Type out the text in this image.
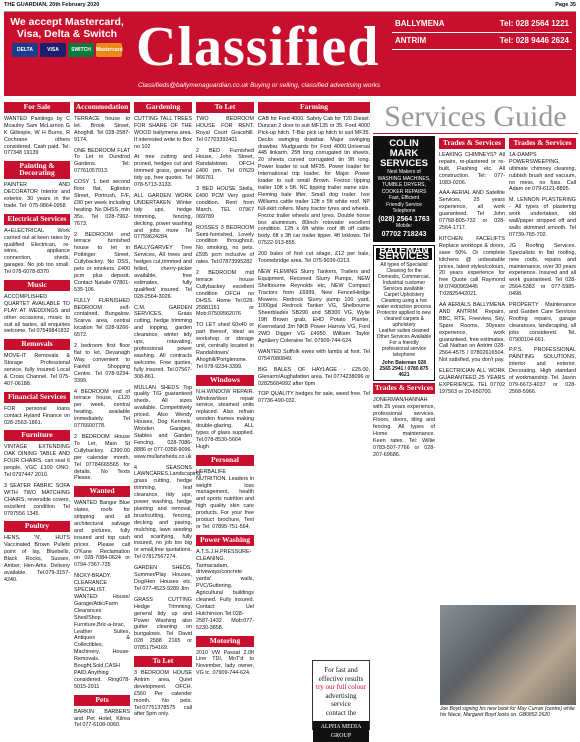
THE GUARDIAN, 20th February 2020	Page 35
We accept Mastercard, Visa, Delta & Switch
DELTA	VISA	SWITCH	Mastercard Classified
Classifieds@ballymenaguardian.co.uk Buying or selling, classified advertising works
BALLYMENA	Tel: 028 2564 1221
ANTRIM	Tel: 028 9446 2624
For Sale
WANTED Paintings by C Mcauley Sam McLarnon G K Gillespie, W H Burns, R Cochrane others considered. Cash paid. Tel: 077348 19139
Painting & Decorating
PAINTER AND DECORATOR Interior and exterior. 30 years in the trade. Tel: 075-9864-0958
Electrical Services
A+ELECTRICAL Work carried out at keen rates by qualified Electrican, re-wires, appliance connection, sheds, garages. No job too small. Tel 078-6078-8370
Music
ACCOMPLISHED QUARTET AVAILABLE TO PLAY AT WEDDINGS and other occasions, music to suit all tastes, all enquiries welcome. Tel 07549841832
Removals
MOVE-IT Removals & Storage Professional service, fully insured Local & Cross Channel. Tel 075-407-06188.
Financial Services
FOR personal loans contact Hyland Finance on 028-2563-1861.
Furniture
VINTAGE EXTENDING OAK DINING TABLE AND FOUR CHAIRS. can seat 6 people, VGC £100 ONO. Tel 0797447 2010.
3 SEATER FABRIC SOFA WITH TWO MATCHING CHAIRS, reversible covers, excellent condition Tel 0797556 1345.
Poultry
HENS, 'N', HUTS Vaccinated Brown Pullets point of lay, Bluebells, Black Rocks, Sussex, Amber, Hen-Arks. Delivery available. Tel.079-3157-4240.
Accommodation
TERRACE house to let. Brook Street, Ahoghill. Tel 028-2587-9174.
ONE BEDROOM FLAT To Let in Dundrod Gardens. Tel: 07761057013.
COSY 1 bed second floor flat, Eglinton Street, Portrush, F/F, £90 per week including heating. No DHSS, min 35s. Tel 028-7962-7673.
2 BEDROOM end terrace furnished house to let in Pottinger Street, Cullybackey. No DSS, pets or smokers. £400 pcm plus deposit. Contact Natalie 07801-535-106.
FULLY FURNISHED BEDROOM self-contained, Bungalow, Scarva area, central location Tel 028-9266-6572.
2 bedroom first floor flat to let, Devanagh Way, convenient to Fairhill Shopping Centre. Tel 078-9234-3399.
4 BEDROOM end of terrace house, £120 per week, central heating, available immediately. Tel 0776600778.
2 BEDROOM House To Let, Main St Cullybackey. £390.00 per calendar month, Tel 07784665565 for details. No Texts Please.
Wanted
WANTED Bangor Blue slates, roofs for stripping and all architectural salvage and pictures, fully insured and top cash prices. Please call O'Kane Reclamation on 028-7084-0624 or 0794-7367-735
NICKY-BRADY. CLEARANCE SPECIALIST. WANTED: House/ Garage/Attic/Farm Clearances Shed/Shop. Furniture,Bric-a-brac, Leather Suites, Antiques & Collectibles, Machinery, House-Removals. Bought,Sold,CASH PAID.Anything considered. Ring078-5015-2911
Pets
BARKIN BARBERS and Pet Hotel, Kilrea Tel 077-6108-0060.
Gardening
CUTTING TALL TREES FOR SHARE OF THE WOOD ballymena area. If interested write to Box no 102
At tree cutting and pruned, hedges cut and trimmed grass, general tidy up, free quotes. Tel 078-5713-3133.
ALL GARDEN WORK UNDERTAKEN Winter tidy ups, hedge trimming, fencing, decking, power washing and jobs more Tel 07759624284.
BALLYGARVEY Tree Services, All trees and hedges cut,trimmed and felled, cherry-picker available, free estimates, fully qualified/ insured. Tel 028-2564-3026.
C.M. GARDEN SERVICES. Grass cutting, hedge trimming and lopping, garden clearance, winter tidy ups, rotavating, professional power washing. All contracts welcome. Free quotes, fully insured. Tel.07567-308-861.
MULLAN SHEDS Top quality T/G guaranteed sheds. All sizes available. Competitively priced. Also Wendy Houses, Dog Kennels, Wooden Garages, Stables and Garden Fencing. 028-7086-8886 or 077-0358-9096. www.mullansheds.co.uk
4 SEASONS LAWNCARES.Landscaping, grass cutting, hedge trimming, leaf clearance, tidy ups, power washing, hedge planting and removal, brushcutting, fencing, decking and paving, mulching, lawn seeding and scarifying, fully insured, no job too big or small,free quotations. Tel 07817567274.
GARDEN SHEDS, Summer/Play Houses, Dog/Hen Houses etc. Tel 077-4523-9289 Jim
GRASS CUTTING Hedge Trimming, general tidy up and Power Washing also gutter cleaning on bungalows. Tel David 028 2588 2165 or 07851754169.
To Let
3 BEDROOM HOUSE Antrim area, Quiet development. OFCH. £560 Per calender month. No pets. Tel:07751378575 call after 5pm only.
To Let
TWO BEDROOM HOUSE FOR RENT. Royal Court Gracehill. Tel 07703392401
2 BED Furnished House, John Street, Randalstown. OFCH £400 pm. Tel 07629 966761
3 BED HOUSE Stella, £490 PCM Very good condition. Rent from March. TEL 07967 069789
ROSSES 3 BEDROOM Semi-furnished, Lovely condition throughout, No smoking, no pets. £595 pcm inclusive of rates. Tel:07873995282
2 BEDROOM mid terrace house Cullybackey excellent condition OFCH no DHSS. Home Tel:028-25881161 or Mob:0750956207​6
TO LET shed 60x40 or part thereof, ideal as workshop or storage unit, centrally located in Randalstown/ Ahoghill/Portglenone. Tel 078-9234-3399.
Windows
N.H.WINDOW REPAIR. Window/door repair service, steamed units replaced. Also refrain wooden frames making double-glazing. ALL types of glass supplied. Tel.078-8530-5664 Hugh
Personal
HERBALIFE NUTRITION. Leaders in weight loss management, health and sports nutrition and high quality skin care products. For your free product brochure, Text or Tel: 07895-751-564.
Power Washing
A.T.S.J.H.PRESSURE-CLEANING. Tarmacadam, driveways/concrete yards/ walls, PVC/Guttering. Agricultural buildings cleaned. Fully insured. Contact Uel Hutchinson.Tel:028-2587-1432 Mob:077-5230-3858.
Motoring
2010 VW Passat 2.0ft Line TDI, MoT'd to November, lady owner, VG tc. 07909-744-624.
Farming
CAB for Ford 4000. Safety Cab for T20 Diesel. Duncan 2 door to suit MF135 or 35. Ford 4000 Pick-up hitch. T-Bar pick up hitch to suit MF35. Decks swinging drawbar. Major swinging drawbar. Mudguards for Ford 4000.Universal 445 linkarm. 25ft long corrugated tin sheets, 20 sheets curved corrugated tin 9ft long. Power loader to suit MF35. Power loader for International trip loader. for Major. Power loader to suit small Brown. Frezoz tipping trailer 10ft x 5ft. NC tipping trailer same size. Fleming bale lifter. Small dog trailer. Ivor Williams cattle trailer 12ft x 5ft white roof. NP full-skirt rollers. Many tractor tyres and wheels. Frezoz trailer wheels and tyres. Double horse box aluminium. 80inch rotovator excellent condition. 12ft x 6ft white roof lift off cattle body. 6ft x 3ft car trailer tipper. 4ft Inklows. Tel 07522-913-855.
200 bales of first cut silage, £12 per bale, Toomebridge area. Tel 075-9039-0213.
NEW FLEMING Slurry Tankers, Trailers and Equipment, Reconed Slurry Pumps, NEW Shelbourne Reynolds etc, NEW Compact Tractors from £6999, New Fence/Hedge Mowers. Redrock Slurry pump 100 yard, 1000gal Redrock Tanker VG, Shelbourne Sheerblades SB290 and SB300 VG, Wylie 19ft Brown grab, EHD Potato Planter, Kverneland 3m NKB Power Harrow VG, Ford 2WD Digger VG £4950. William Taylor Agri&ery Coleraine Tel. 07909-744-624.
WANTED Suffolk ewes with lambs at foot. Tel 07547080849.
BIG BALES OF HAYLAGE - £25.00, Glenarm/Aughafatten area. Tel 0774238096 or 02825684992 after 6pm
TOP QUALITY hedges for sale, weed free. Tel 07736-490-032.
For fast and
effective results
try our full colour
advertising
service
contact the
ALPHA MEDIA GROUP
Services Guide
COLIN MARK SERVICES
Nest Makers of
WASHING MACHINES,
TUMBLE DRYERS,
COOKER REPAIRS
Fast, Efficient
Friendly Service
Telephone
(028) 2564 1763
Mobile:
07702 718243
BATEMAN SERVICES
All types of Specialist Cleaning for the Domestic, Commercial, Industrial customer
Services available:
Carpet Upholstery
Cleaning using a hot water extraction process
Protector applied to new cleaned carpets & upholstery
Leather suites cleaned
Other Services Available
For a friendly professional service telephone
John Bateman 028 2565 2941 / 0780 875 4621
Trades & Services
JONERMAN/HANNAH with 25 years experience, professional services. Floors, doors, tiling and fencing. All types of Home maintenance. Keen rates. Tel: Willie 0783-507-7766 or 028-207-69686.
Trades & Services
LEAKING CHIMNEYS? All repairs, re-plastered or re-built, Flashing etc. All construction. Tel: 077-1083-0206.
AAA-AERIAL AND Satellite Services, 25 years experience, all work guaranteed. Tel John 07768-805-732 or 028-2564-1717.
KITCHEN FACELIFTS Replace worktops & doors, save 50%. Or complete kitchens @ unbeatable prices, latest styles/colours, 20 years experience for free Quote call Raymond M:07490969445 or T:02825442021.
AA AERIALS BALLYMENA AND ANTRIM. Repairs, BBC, RTE, Freeview, Sky, Spare Rooms, 30years experience, work guaranteed, free estimates. Call Nathan on Antrim 028-2564-4575 / 07802616504. Not satisfied, you don't pay.
ELECTRICIAN ALL WORK GUARANTEED 25 YEARS EXPERIENCE. TEL 07702 197563 or 20-650700.
Trades & Services
1A-DAMPS POWERSWEEPING, ultimate chimney cleaning, rubbish brush and vacuum, no mess, no fuss. Call Adam on 079-6121-8895.
M. LENNON PLASTERING - All types of plastering work undertaken, old wall/paper stripped off and walls skimmed smooth. Tel 07739-765-702.
JG Roofing Services. Specialists in flat roofing, new roofs, repairs and maintenance, over 30 years experience. Insured and all work guaranteed. Tel 028-2564-5383 or 077-5985-0498.
PROPERTY Maintenance and Garden Care Services Roofing repairs, garage clearances, landscaping, all jobs considered. Tel. 07900104-661.
P.P.S. PROFESSIONAL PAINTING SOLUTIONS, interior and exterior. Decorating. High standard of workmanship. Tel. Jason 079-6673-4037 or 028-2568-5966.
Joe Boyd signing his new book for May Curran (centre) while his Niece, Margaret Boyd looks on. GB0852 2620
